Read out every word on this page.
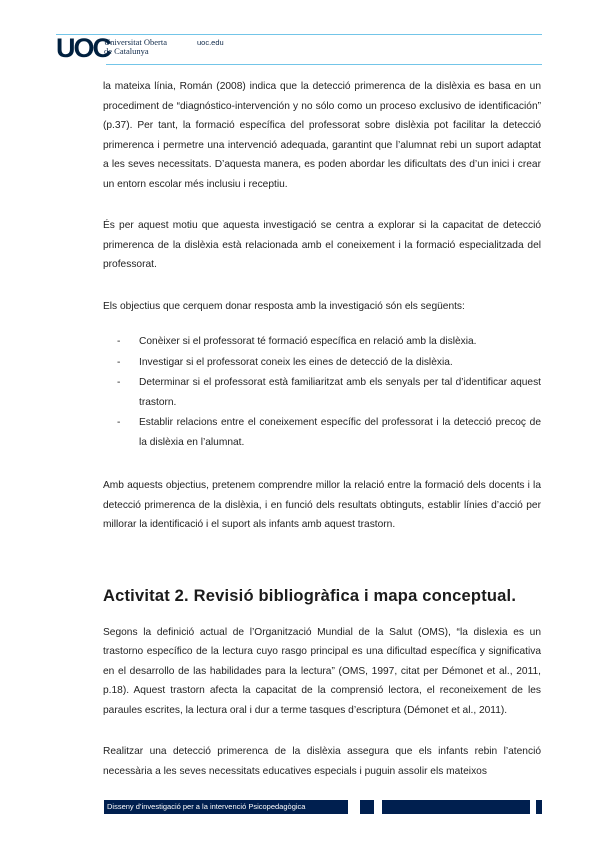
UOC
Universitat Oberta
de Catalunya
uoc.edu

la mateixa línia, Román (2008) indica que la detecció primerenca de la dislèxia es basa en un procediment de “diagnóstico-intervención y no sólo como un proceso exclusivo de identificación” (p.37). Per tant, la formació específica del professorat sobre dislèxia pot facilitar la detecció primerenca i permetre una intervenció adequada, garantint que l’alumnat rebi un suport adaptat a les seves necessitats. D’aquesta manera, es poden abordar les dificultats des d’un inici i crear un entorn escolar més inclusiu i receptiu.

És per aquest motiu que aquesta investigació se centra a explorar si la capacitat de detecció primerenca de la dislèxia està relacionada amb el coneixement i la formació especialitzada del professorat.

Els objectius que cerquem donar resposta amb la investigació són els següents:

- Conèixer si el professorat té formació específica en relació amb la dislèxia.
- Investigar si el professorat coneix les eines de detecció de la dislèxia.
- Determinar si el professorat està familiaritzat amb els senyals per tal d’identificar aquest trastorn.
- Establir relacions entre el coneixement específic del professorat i la detecció precoç de la dislèxia en l’alumnat.

Amb aquests objectius, pretenem comprendre millor la relació entre la formació dels docents i la detecció primerenca de la dislèxia, i en funció dels resultats obtinguts, establir línies d’acció per millorar la identificació i el suport als infants amb aquest trastorn.

Activitat 2. Revisió bibliogràfica i mapa conceptual.

Segons la definició actual de l’Organització Mundial de la Salut (OMS), “la dislexia es un trastorno específico de la lectura cuyo rasgo principal es una dificultad específica y significativa en el desarrollo de las habilidades para la lectura” (OMS, 1997, citat per Démonet et al., 2011, p.18). Aquest trastorn afecta la capacitat de la comprensió lectora, el reconeixement de les paraules escrites, la lectura oral i dur a terme tasques d’escriptura (Démonet et al., 2011).

Realitzar una detecció primerenca de la dislèxia assegura que els infants rebin l’atenció necessària a les seves necessitats educatives especials i puguin assolir els mateixos

Disseny d’investigació per a la intervenció Psicopedagògica
